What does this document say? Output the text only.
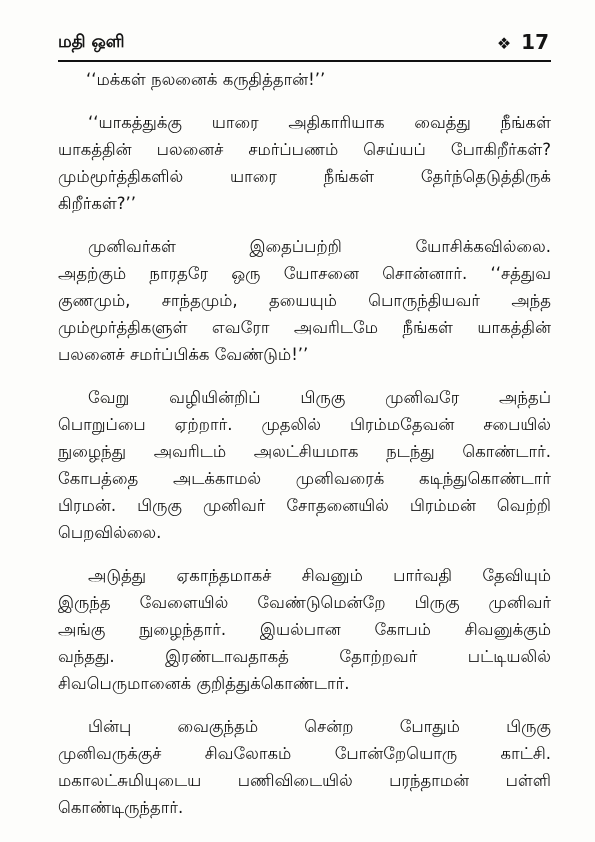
மதி ஒளி	❖ 17

‘‘மக்கள் நலனைக் கருதித்தான்!’’

‘‘யாகத்துக்கு யாரை அதிகாரியாக வைத்து நீங்கள்
யாகத்தின் பலனைச் சமர்ப்பணம் செய்யப் போகிறீர்கள்?
மும்மூர்த்திகளில் யாரை நீங்கள் தேர்ந்தெடுத்திருக்
கிறீர்கள்?’’

முனிவர்கள் இதைப்பற்றி யோசிக்கவில்லை.
அதற்கும் நாரதரே ஒரு யோசனை சொன்னார். ‘‘சத்துவ
குணமும், சாந்தமும், தயையும் பொருந்தியவர் அந்த
மும்மூர்த்திகளுள் எவரோ அவரிடமே நீங்கள் யாகத்தின்
பலனைச் சமர்ப்பிக்க வேண்டும்!’’

வேறு வழியின்றிப் பிருகு முனிவரே அந்தப்
பொறுப்பை ஏற்றார். முதலில் பிரம்மதேவன் சபையில்
நுழைந்து அவரிடம் அலட்சியமாக நடந்து கொண்டார்.
கோபத்தை அடக்காமல் முனிவரைக் கடிந்துகொண்டார்
பிரமன். பிருகு முனிவர் சோதனையில் பிரம்மன் வெற்றி
பெறவில்லை.

அடுத்து ஏகாந்தமாகச் சிவனும் பார்வதி தேவியும்
இருந்த வேளையில் வேண்டுமென்றே பிருகு முனிவர்
அங்கு நுழைந்தார். இயல்பான கோபம் சிவனுக்கும்
வந்தது. இரண்டாவதாகத் தோற்றவர் பட்டியலில்
சிவபெருமானைக் குறித்துக்கொண்டார்.

பின்பு வைகுந்தம் சென்ற போதும் பிருகு
முனிவருக்குச் சிவலோகம் போன்றேயொரு காட்சி.
மகாலட்சுமியுடைய பணிவிடையில் பரந்தாமன் பள்ளி
கொண்டிருந்தார்.
